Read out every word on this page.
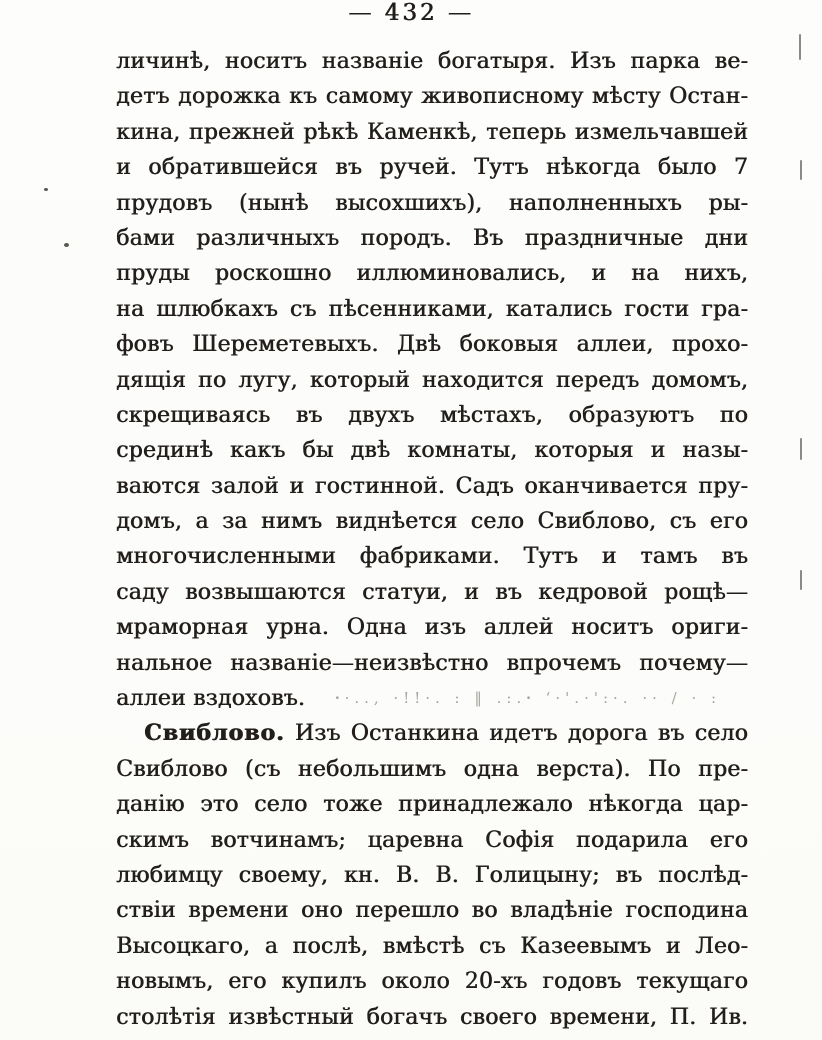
— 432 —
личинѣ, носитъ названіе богатыря. Изъ парка ве-
детъ дорожка къ самому живописному мѣсту Остан-
кина, прежней рѣкѣ Каменкѣ, теперь измельчавшей
и обратившейся въ ручей. Тутъ нѣкогда было 7
прудовъ (нынѣ высохшихъ), наполненныхъ ры-
бами различныхъ породъ. Въ праздничные дни
пруды роскошно иллюминовались, и на нихъ,
на шлюбкахъ съ пѣсенниками, катались гости гра-
фовъ Шереметевыхъ. Двѣ боковыя аллеи, прохо-
дящія по лугу, который находится передъ домомъ,
скрещиваясь въ двухъ мѣстахъ, образуютъ по
срединѣ какъ бы двѣ комнаты, которыя и назы-
ваются залой и гостинной. Садъ оканчивается пру-
домъ, а за нимъ виднѣется село Свиблово, съ его
многочисленными фабриками. Тутъ и тамъ въ
саду возвышаются статуи, и въ кедровой рощѣ—
мраморная урна. Одна изъ аллей носитъ ориги-
нальное названіе—неизвѣстно впрочемъ почему—
аллеи вздоховъ. ꞏ·.., ·!!·. : ‖ .:.ꞏ ‘·'.·':·. ·· / · :
Свиблово. Изъ Останкина идетъ дорога въ село
Свиблово (съ небольшимъ одна верста). По пре-
данію это село тоже принадлежало нѣкогда цар-
скимъ вотчинамъ; царевна Софія подарила его
любимцу своему, кн. В. В. Голицыну; въ послѣд-
ствіи времени оно перешло во владѣніе господина
Высоцкаго, а послѣ, вмѣстѣ съ Казеевымъ и Лео-
новымъ, его купилъ около 20-хъ годовъ текущаго
столѣтія извѣстный богачъ своего времени, П. Ив.
